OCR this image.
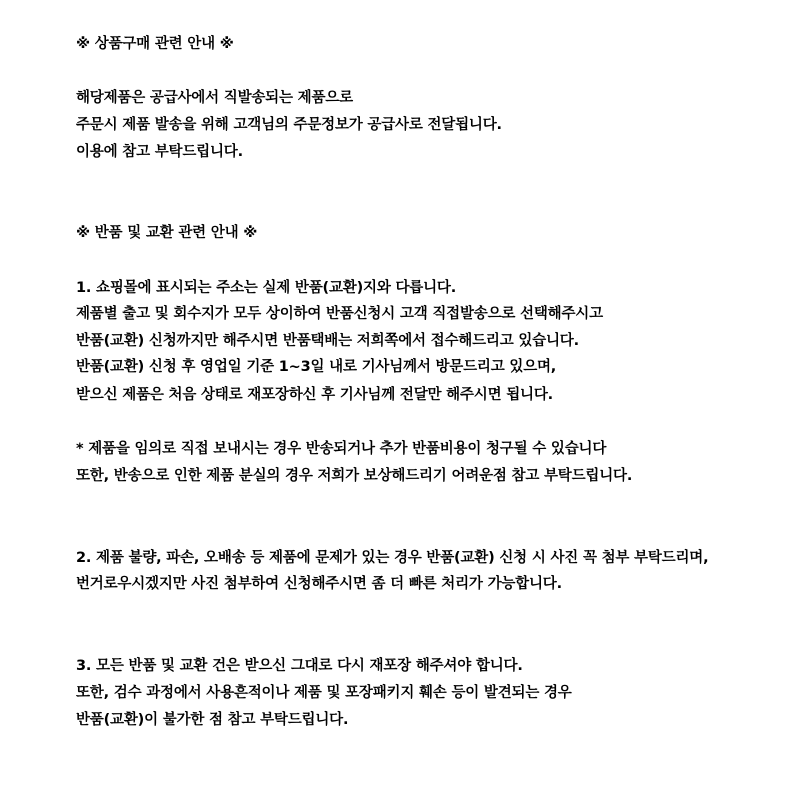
※ 상품구매 관련 안내 ※
해당제품은 공급사에서 직발송되는 제품으로
주문시 제품 발송을 위해 고객님의 주문정보가 공급사로 전달됩니다.
이용에 참고 부탁드립니다.
※ 반품 및 교환 관련 안내 ※
1. 쇼핑몰에 표시되는 주소는 실제 반품(교환)지와 다릅니다.
제품별 출고 및 회수지가 모두 상이하여 반품신청시 고객 직접발송으로 선택해주시고
반품(교환) 신청까지만 해주시면 반품택배는 저희쪽에서 접수해드리고 있습니다.
반품(교환) 신청 후 영업일 기준 1~3일 내로 기사님께서 방문드리고 있으며,
받으신 제품은 처음 상태로 재포장하신 후 기사님께 전달만 해주시면 됩니다.
* 제품을 임의로 직접 보내시는 경우 반송되거나 추가 반품비용이 청구될 수 있습니다
또한, 반송으로 인한 제품 분실의 경우 저희가 보상해드리기 어려운점 참고 부탁드립니다.
2. 제품 불량, 파손, 오배송 등 제품에 문제가 있는 경우 반품(교환) 신청 시 사진 꼭 첨부 부탁드리며,
번거로우시겠지만 사진 첨부하여 신청해주시면 좀 더 빠른 처리가 가능합니다.
3. 모든 반품 및 교환 건은 받으신 그대로 다시 재포장 해주셔야 합니다.
또한, 검수 과정에서 사용흔적이나 제품 및 포장패키지 훼손 등이 발견되는 경우
반품(교환)이 불가한 점 참고 부탁드립니다.
